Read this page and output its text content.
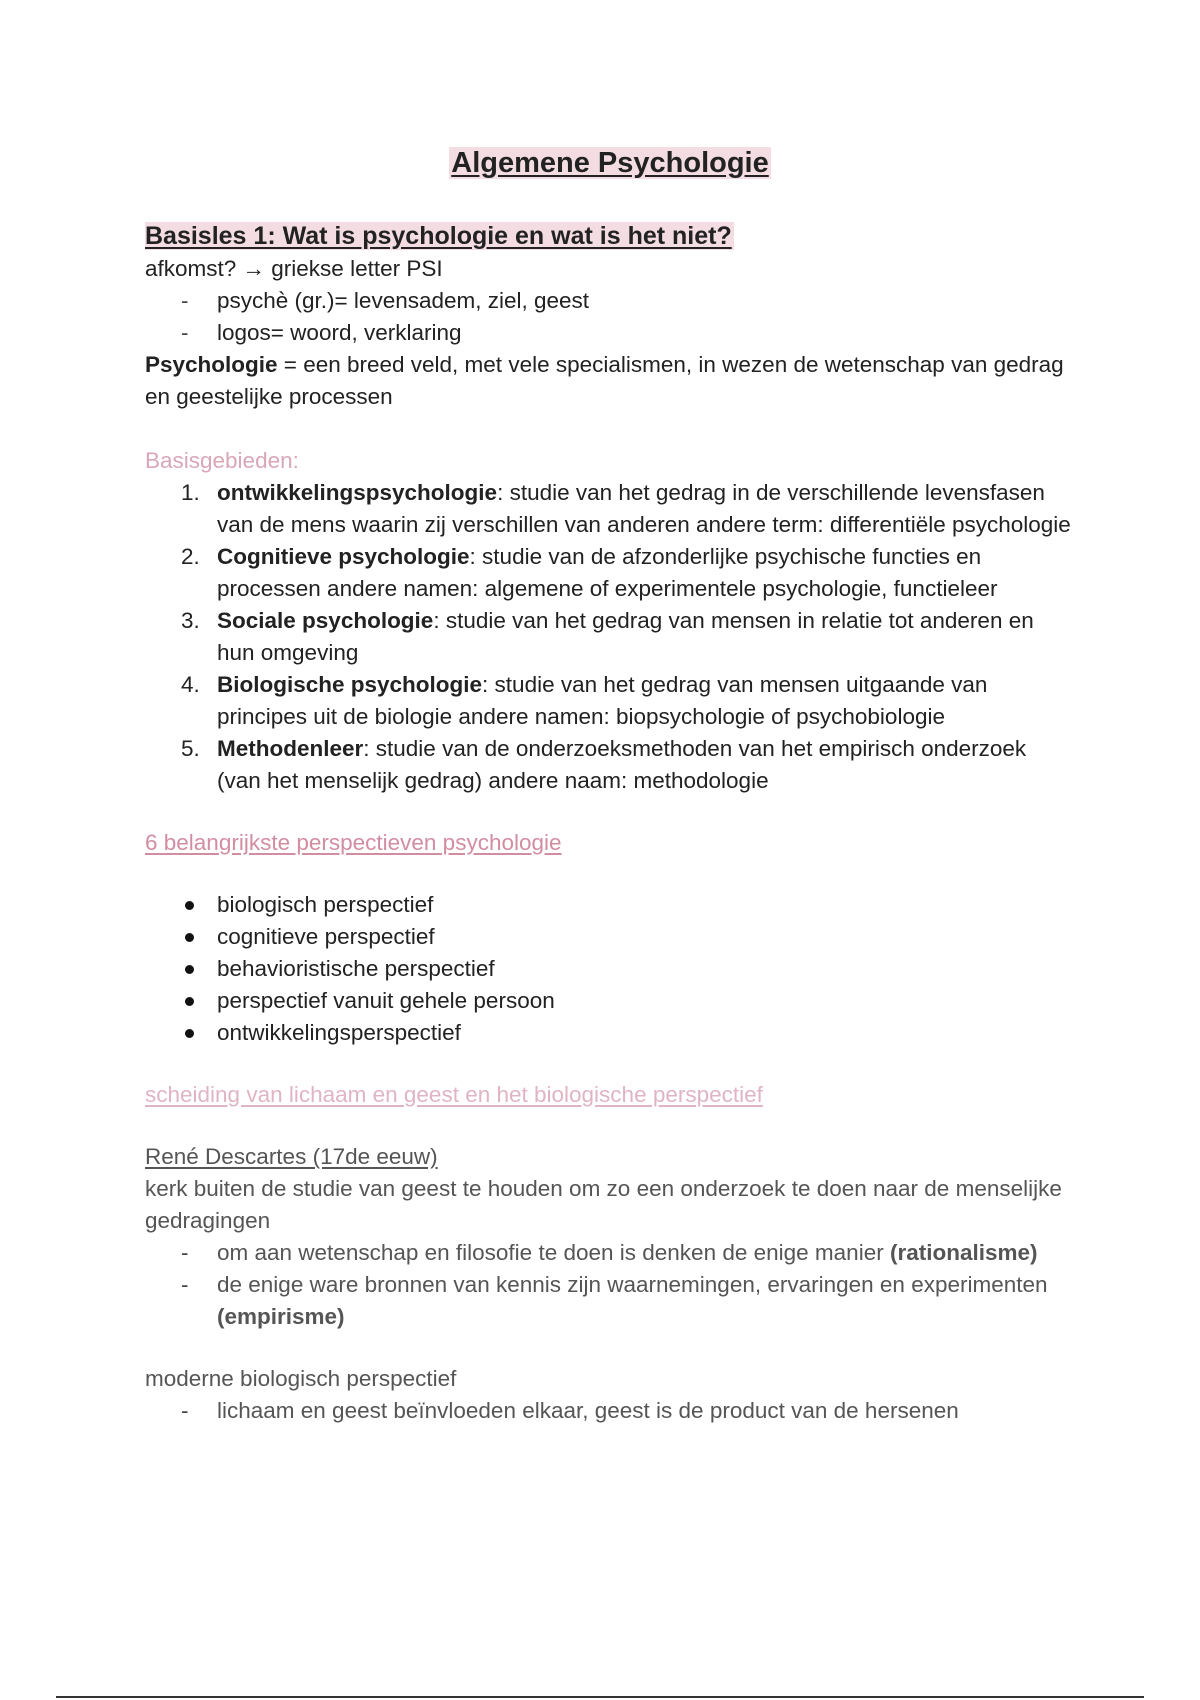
Algemene Psychologie
Basisles 1: Wat is psychologie en wat is het niet?

afkomst? → griekse letter PSI

- psychè (gr.)= levensadem, ziel, geest
- logos= woord, verklaring

Psychologie = een breed veld, met vele specialismen, in wezen de wetenschap van gedrag en geestelijke processen

Basisgebieden:

1. ontwikkelingspsychologie: studie van het gedrag in de verschillende levensfasen van de mens waarin zij verschillen van anderen andere term: differentiële psychologie
2. Cognitieve psychologie: studie van de afzonderlijke psychische functies en processen andere namen: algemene of experimentele psychologie, functieleer
3. Sociale psychologie: studie van het gedrag van mensen in relatie tot anderen en hun omgeving
4. Biologische psychologie: studie van het gedrag van mensen uitgaande van principes uit de biologie andere namen: biopsychologie of psychobiologie
5. Methodenleer: studie van de onderzoeksmethoden van het empirisch onderzoek (van het menselijk gedrag) andere naam: methodologie

6 belangrijkste perspectieven psychologie

biologisch perspectief
cognitieve perspectief
behavioristische perspectief
perspectief vanuit gehele persoon
ontwikkelingsperspectief

scheiding van lichaam en geest en het biologische perspectief

René Descartes (17de eeuw)

kerk buiten de studie van geest te houden om zo een onderzoek te doen naar de menselijke gedragingen

- om aan wetenschap en filosofie te doen is denken de enige manier (rationalisme)
- de enige ware bronnen van kennis zijn waarnemingen, ervaringen en experimenten (empirisme)

moderne biologisch perspectief

- lichaam en geest beïnvloeden elkaar, geest is de product van de hersenen
